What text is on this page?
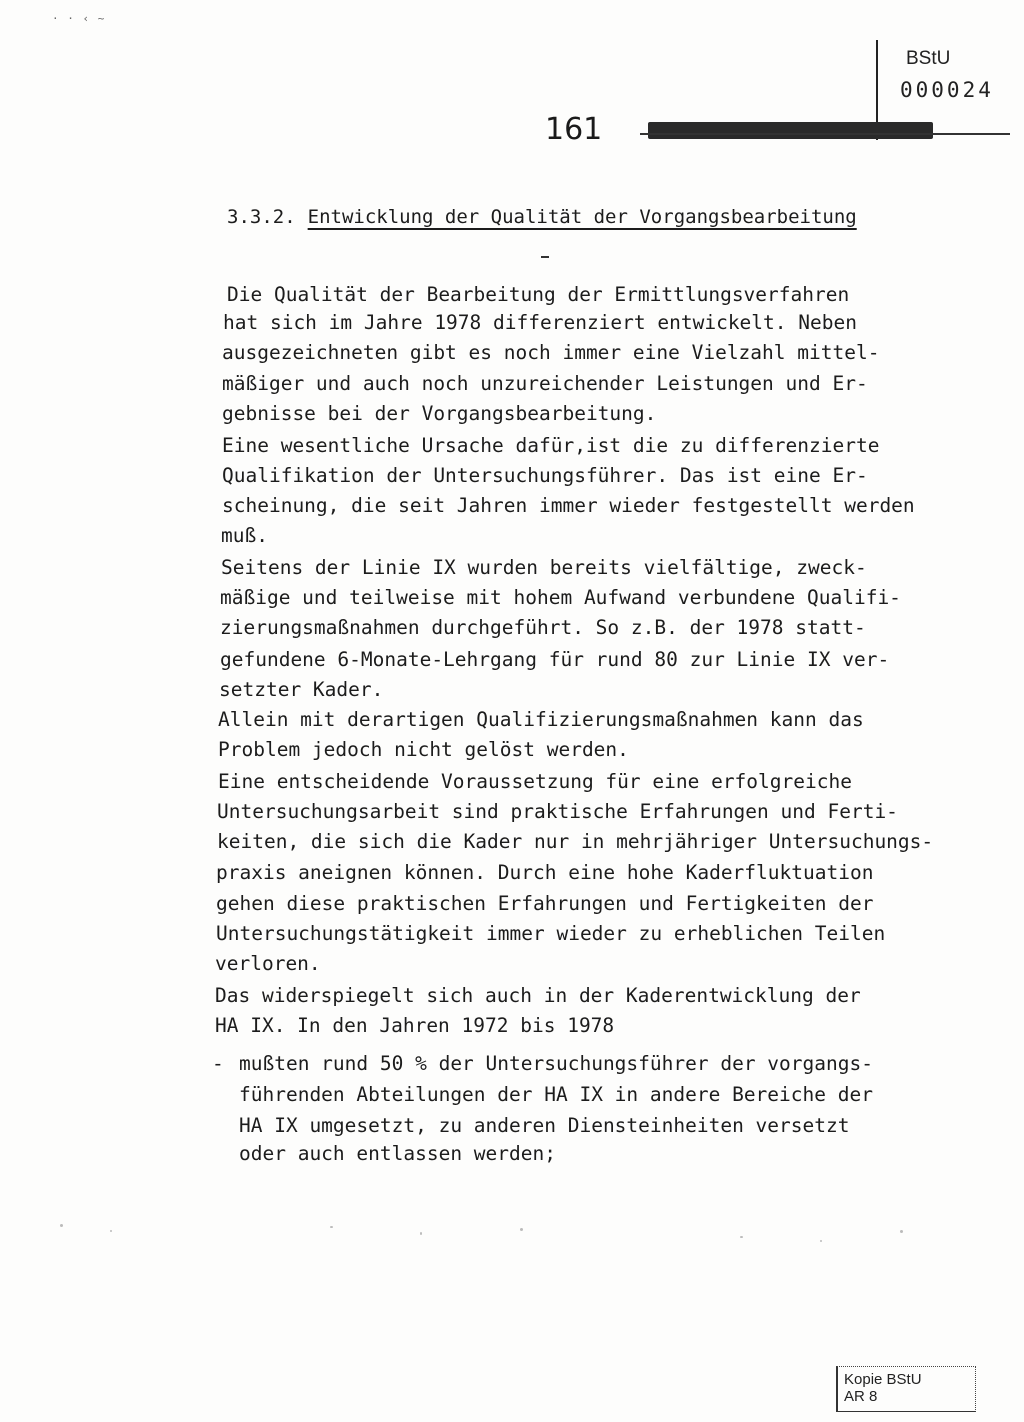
· · ‹ ~
BStU
000024
161
3.3.2. Entwicklung der Qualität der Vorgangsbearbeitung
Die Qualität der Bearbeitung der Ermittlungsverfahren
hat sich im Jahre 1978 differenziert entwickelt. Neben
ausgezeichneten gibt es noch immer eine Vielzahl mittel-
mäßiger und auch noch unzureichender Leistungen und Er-
gebnisse bei der Vorgangsbearbeitung.
Eine wesentliche Ursache dafür,ist die zu differenzierte
Qualifikation der Untersuchungsführer. Das ist eine Er-
scheinung, die seit Jahren immer wieder festgestellt werden
muß.
Seitens der Linie IX wurden bereits vielfältige, zweck-
mäßige und teilweise mit hohem Aufwand verbundene Qualifi-
zierungsmaßnahmen durchgeführt. So z.B. der 1978 statt-
gefundene 6-Monate-Lehrgang für rund 80 zur Linie IX ver-
setzter Kader.
Allein mit derartigen Qualifizierungsmaßnahmen kann das
Problem jedoch nicht gelöst werden.
Eine entscheidende Voraussetzung für eine erfolgreiche
Untersuchungsarbeit sind praktische Erfahrungen und Ferti-
keiten, die sich die Kader nur in mehrjähriger Untersuchungs-
praxis aneignen können. Durch eine hohe Kaderfluktuation
gehen diese praktischen Erfahrungen und Fertigkeiten der
Untersuchungstätigkeit immer wieder zu erheblichen Teilen
verloren.
Das widerspiegelt sich auch in der Kaderentwicklung der
HA IX. In den Jahren 1972 bis 1978
- mußten rund 50 % der Untersuchungsführer der vorgangs-
führenden Abteilungen der HA IX in andere Bereiche der
HA IX umgesetzt, zu anderen Diensteinheiten versetzt
oder auch entlassen werden;
Kopie BStU
AR 8
